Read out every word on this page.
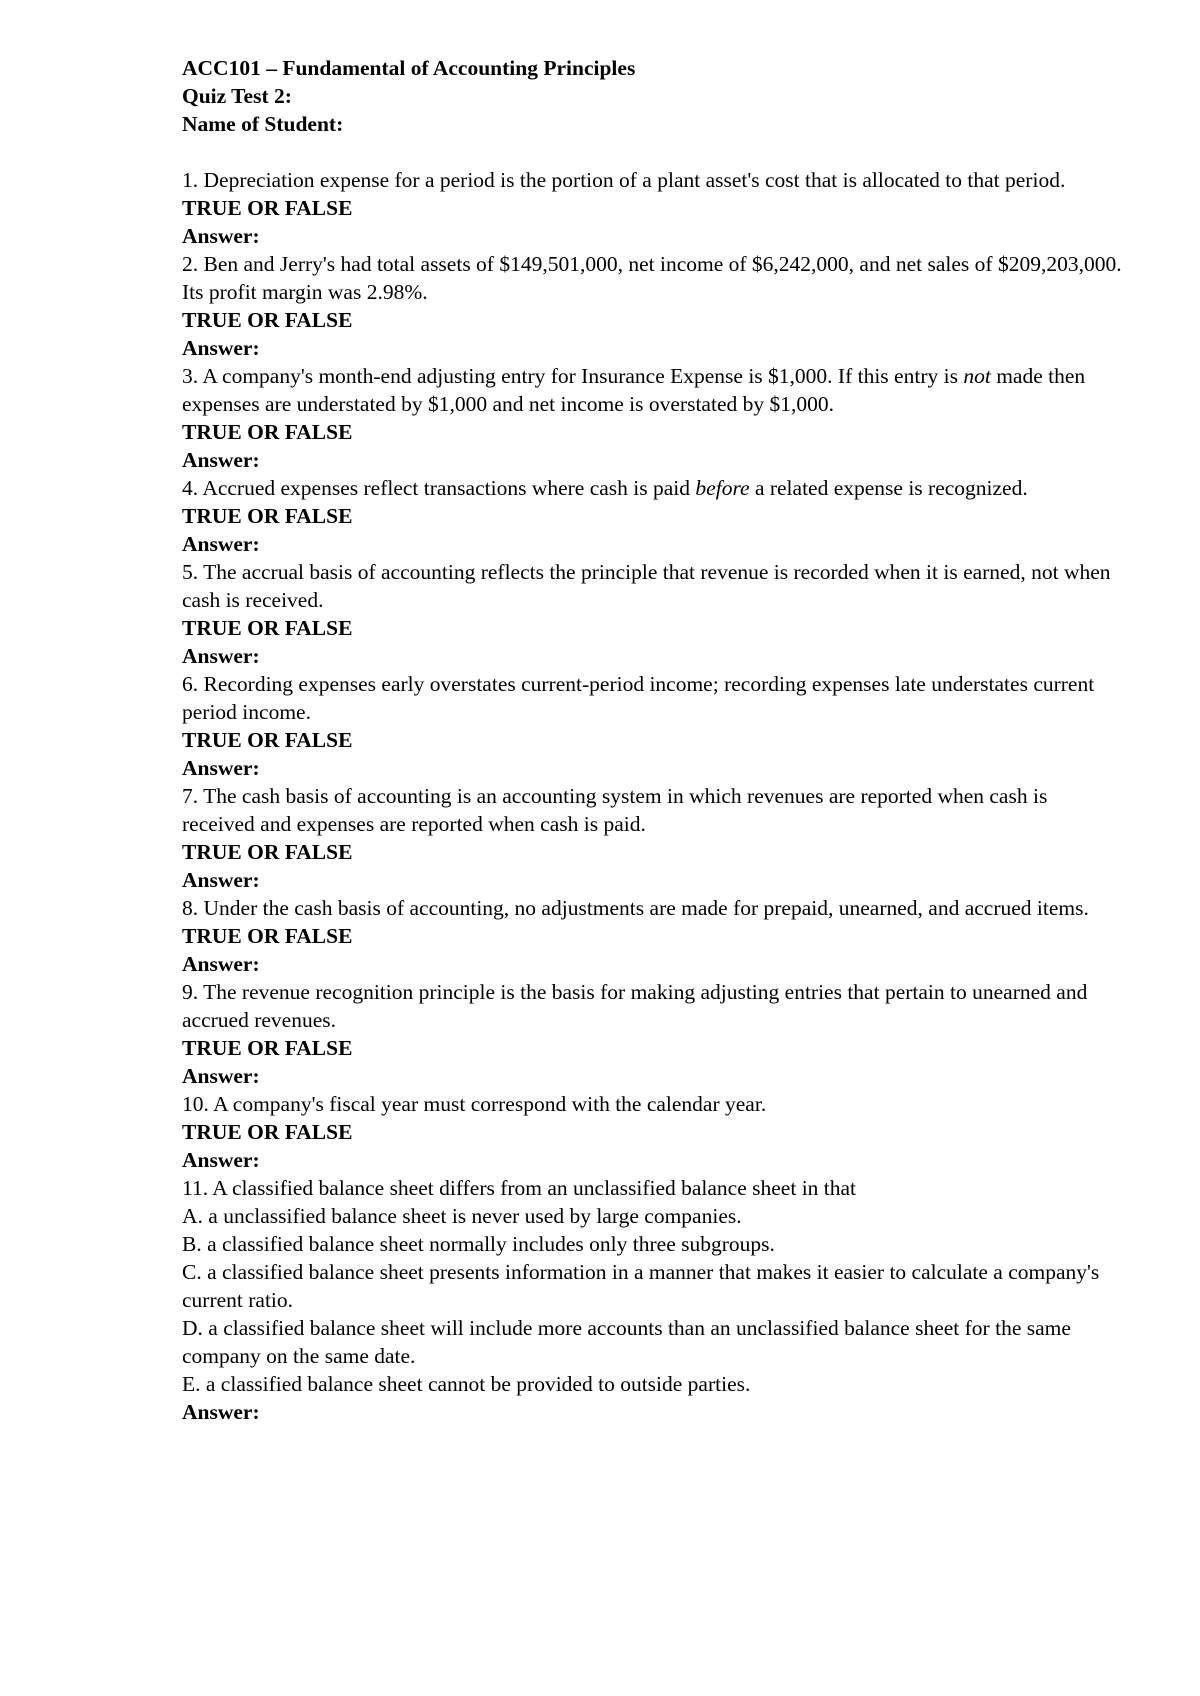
ACC101 – Fundamental of Accounting Principles

Quiz Test 2:

Name of Student:

1. Depreciation expense for a period is the portion of a plant asset's cost that is allocated to that period.

TRUE OR FALSE

Answer:

2. Ben and Jerry's had total assets of $149,501,000, net income of $6,242,000, and net sales of $209,203,000. Its profit margin was 2.98%.

TRUE OR FALSE

Answer:

3. A company's month-end adjusting entry for Insurance Expense is $1,000. If this entry is not made then expenses are understated by $1,000 and net income is overstated by $1,000.

TRUE OR FALSE

Answer:

4. Accrued expenses reflect transactions where cash is paid before a related expense is recognized.

TRUE OR FALSE

Answer:

5. The accrual basis of accounting reflects the principle that revenue is recorded when it is earned, not when cash is received.

TRUE OR FALSE

Answer:

6. Recording expenses early overstates current-period income; recording expenses late understates current period income.

TRUE OR FALSE

Answer:

7. The cash basis of accounting is an accounting system in which revenues are reported when cash is received and expenses are reported when cash is paid.

TRUE OR FALSE

Answer:

8. Under the cash basis of accounting, no adjustments are made for prepaid, unearned, and accrued items.

TRUE OR FALSE

Answer:

9. The revenue recognition principle is the basis for making adjusting entries that pertain to unearned and accrued revenues.

TRUE OR FALSE

Answer:

10. A company's fiscal year must correspond with the calendar year.

TRUE OR FALSE

Answer:

11. A classified balance sheet differs from an unclassified balance sheet in that

A. a unclassified balance sheet is never used by large companies.

B. a classified balance sheet normally includes only three subgroups.

C. a classified balance sheet presents information in a manner that makes it easier to calculate a company's current ratio.

D. a classified balance sheet will include more accounts than an unclassified balance sheet for the same company on the same date.

E. a classified balance sheet cannot be provided to outside parties.

Answer:
